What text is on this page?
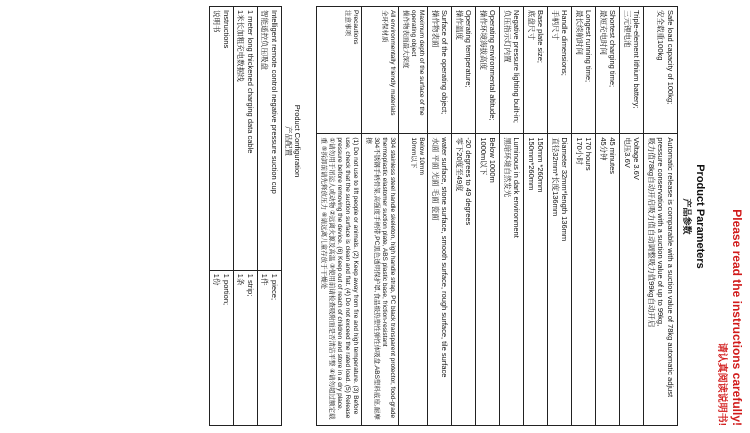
Please read the instructions carefully!
请认真阅读说明书!
Product Parameters
产品参数
Safe load capacity of 100kg;
安全载重100kg	Automatic release is comparable with a suction value of 78kg automatic adjust pressure conservation with a suction value of up to 99kg,
吸力值78kg自动开启吸力值自动调整吸力值99kg自动开启

Triple-element lithium battery;
三元锂电池	Voltage 3.6V
电压3.6V

Shortest charging time;
最短充电时间	45 minutes
45分钟

Longest running time;
最长续航时间	170 hours
170小时

Handle dimensions;
手柄尺寸	Diameter 32mm*length 136mm
直径32mm*长度136mm

Base plate size;
底盘尺寸	150mm *260mm
150mm*260mm

Negative pressure lighting built-in;
负压指示灯内置	Luminous in dark environment
黑暗环境自然发光

Operating environmental altitude;
操作环境海拔高度	Below 1000m
1000m以下

Operating temperature;
操作温度	-20 degrees to 49 degrees
零下20度至49度

Surface of the operating object;
操作物表面	water surface, stone surface, smooth surface, rough surface, tile surface
水面 平面 光面 毛面 瓷面

Maximum depth of the surface of the operating object
操作物表面最大深度	Below 10mm
10mm以下

All environmentally friendly materials
全环保材质	304 stainless steel handle skeleton, high handle strap, PC black transparent protector, food-grade thermoplastic elastomer suction plate, ABS plastic base, friction-resistant
304不锈钢手柄骨架,高强度手柄带,PC黑色透明保护罩,食品级热塑性弹性体吸盘,ABS塑料底座,耐摩擦

Precautions
注意事项	(1) Do not use to lift people or animals. (2) Keep away from fire and high temperature. (3) Before use, check that the suction surface is clean and flat. (4) Do not exceed the rated load. (5) Release pressure before removing the device. (6) Keep out of reach of children and store in a dry place.
①请勿用于吊运人或动物 ②远离火源及高温 ③使用前请检查吸附面是否清洁平整 ④请勿超过额定载重 ⑤拆卸前请先释放压力 ⑥请远离儿童存放于干燥处
Product Configuration
产品配置
Intelligent remote control negative pressure suction cup
智能遥控负压吸盘	1 piece;
1件

1 meter long thickened charging data cable
1米长加粗充电数据线	1 strip;
1条

Instructions
说明书	1 portion;
1份
